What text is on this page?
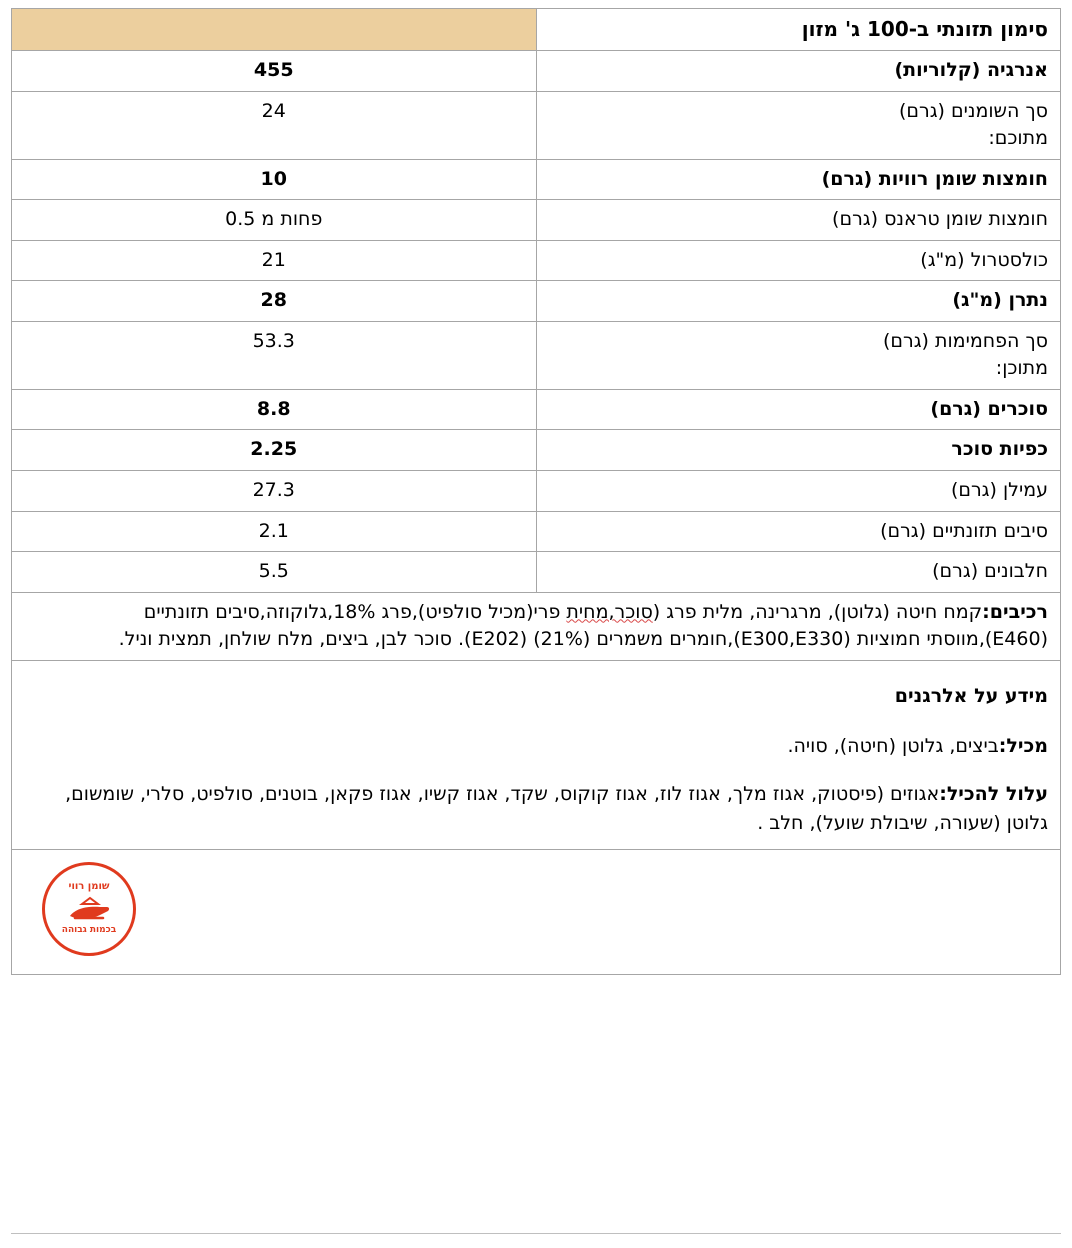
סימון תזונתי ב-100 ג' מזון	
אנרגיה (קלוריות)	455
סך השומנים (גרם)
מתוכם:	24
חומצות שומן רוויות (גרם)	10
חומצות שומן טראנס (גרם)	פחות מ 0.5
כולסטרול (מ"ג)	21
נתרן (מ"ג)	28
סך הפחמימות (גרם)
מתוכן:	53.3
סוכרים (גרם)	8.8
כפיות סוכר	2.25
עמילן (גרם)	27.3
סיבים תזונתיים (גרם)	2.1
חלבונים (גרם)	5.5
רכיבים:קמח חיטה (גלוטן), מרגרינה, מלית פרג (סוכר,מחית פרי(מכיל סולפיט),פרג 18%,גלוקוזה,סיבים תזונתיים (E460),מווסתי חמוציות (E300,E330),חומרים משמרים (21%) (E202). סוכר לבן, ביצים, מלח שולחן, תמצית וניל.	

מידע על אלרגנים

מכיל:ביצים, גלוטן (חיטה), סויה.

עלול להכיל:אגוזים (פיסטוק, אגוז מלך, אגוז לוז, אגוז קוקוס, שקד, אגוז קשיו, אגוז פקאן, בוטנים, סולפיט, סלרי, שומשום, גלוטן (שעורה, שיבולת שועל), חלב .	

שומן רווי
בכמות גבוהה	
